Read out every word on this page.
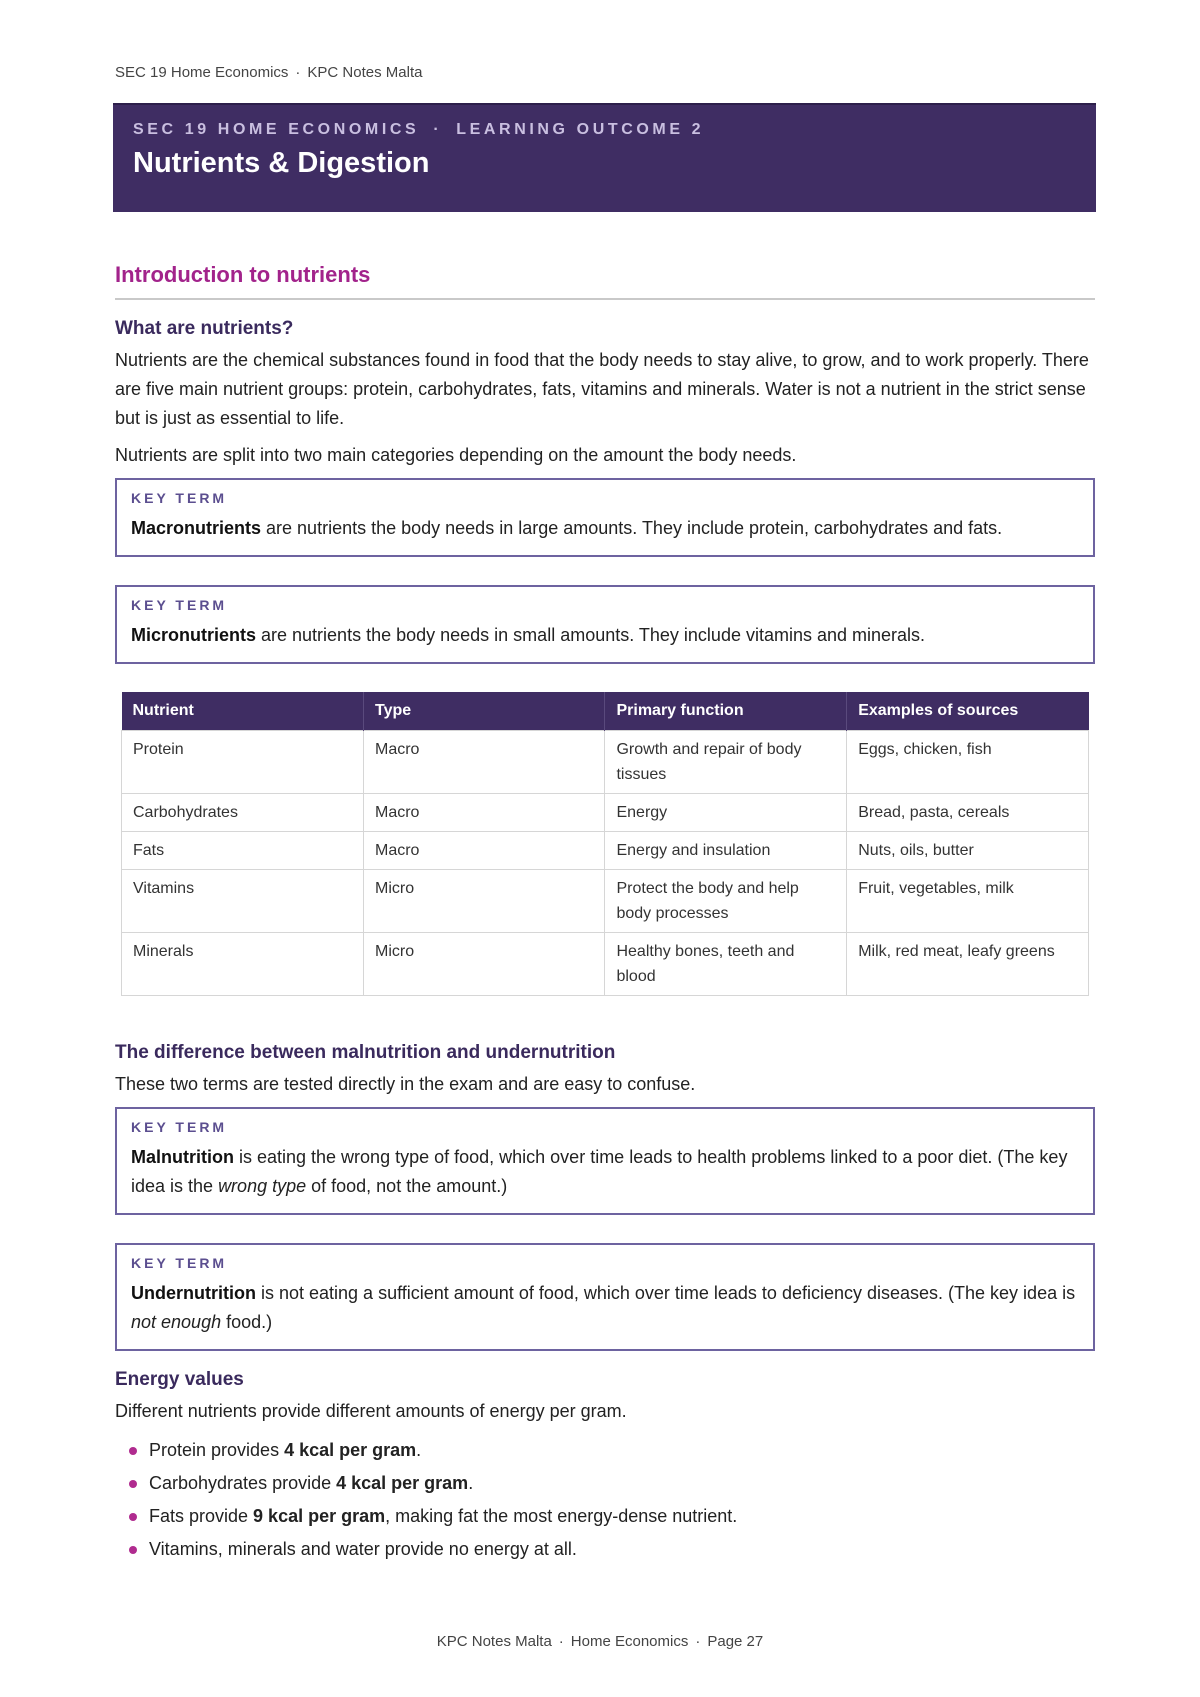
SEC 19 Home Economics · KPC Notes Malta
SEC 19 HOME ECONOMICS · LEARNING OUTCOME 2
Nutrients & Digestion
Introduction to nutrients
What are nutrients?

Nutrients are the chemical substances found in food that the body needs to stay alive, to grow, and to work properly. There are five main nutrient groups: protein, carbohydrates, fats, vitamins and minerals. Water is not a nutrient in the strict sense but is just as essential to life.

Nutrients are split into two main categories depending on the amount the body needs.

KEY TERM
Macronutrients are nutrients the body needs in large amounts. They include protein, carbohydrates and fats.
KEY TERM
Micronutrients are nutrients the body needs in small amounts. They include vitamins and minerals.
Nutrient	Type	Primary function	Examples of sources
Protein	Macro	Growth and repair of body tissues	Eggs, chicken, fish
Carbohydrates	Macro	Energy	Bread, pasta, cereals
Fats	Macro	Energy and insulation	Nuts, oils, butter
Vitamins	Micro	Protect the body and help body processes	Fruit, vegetables, milk
Minerals	Micro	Healthy bones, teeth and blood	Milk, red meat, leafy greens
The difference between malnutrition and undernutrition

These two terms are tested directly in the exam and are easy to confuse.

KEY TERM
Malnutrition is eating the wrong type of food, which over time leads to health problems linked to a poor diet. (The key idea is the wrong type of food, not the amount.)
KEY TERM
Undernutrition is not eating a sufficient amount of food, which over time leads to deficiency diseases. (The key idea is not enough food.)
Energy values

Different nutrients provide different amounts of energy per gram.

Protein provides 4 kcal per gram.
Carbohydrates provide 4 kcal per gram.
Fats provide 9 kcal per gram, making fat the most energy-dense nutrient.
Vitamins, minerals and water provide no energy at all.
KPC Notes Malta · Home Economics · Page 27
